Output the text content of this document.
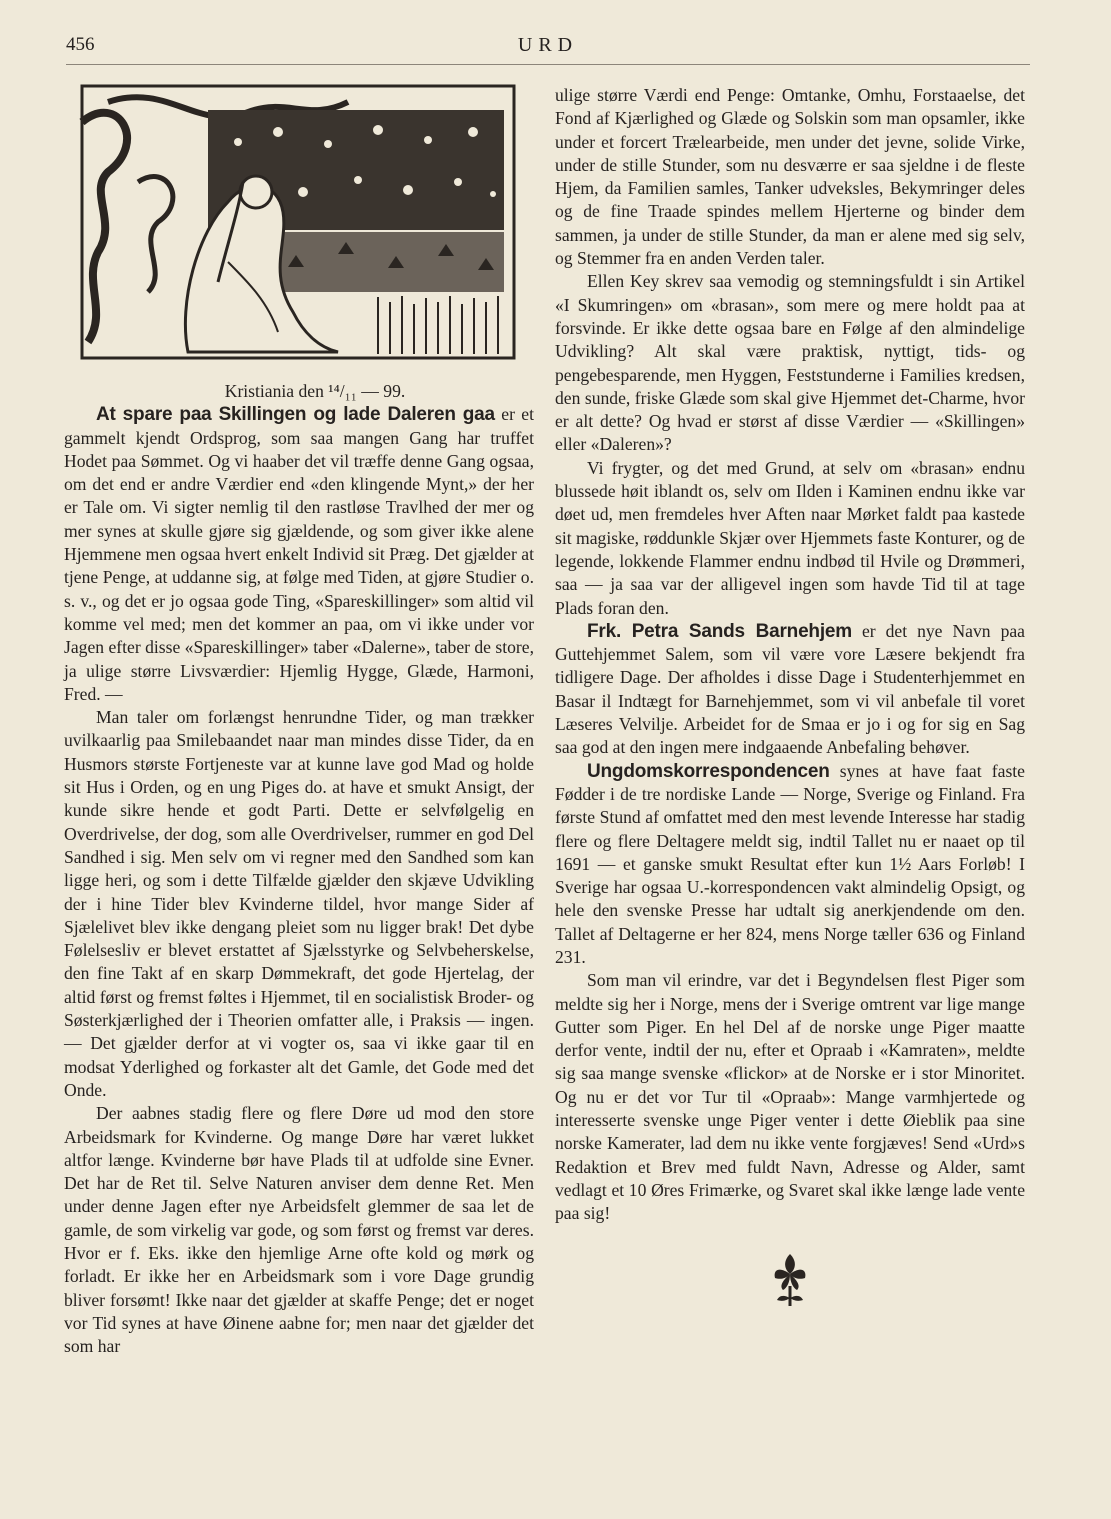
456	URD

Kristiania den ¹⁴/₁₁ — 99.

At spare paa Skillingen og lade Daleren gaa er et gammelt kjendt Ordsprog, som saa mangen Gang har truffet Hodet paa Sømmet. Og vi haaber det vil træffe denne Gang ogsaa, om det end er andre Værdier end «den klingende Mynt,» der her er Tale om. Vi sigter nemlig til den rastløse Travlhed der mer og mer synes at skulle gjøre sig gjældende, og som giver ikke alene Hjemmene men ogsaa hvert enkelt Individ sit Præg. Det gjælder at tjene Penge, at uddanne sig, at følge med Tiden, at gjøre Studier o. s. v., og det er jo ogsaa gode Ting, «Spareskillinger» som altid vil komme vel med; men det kommer an paa, om vi ikke under vor Jagen efter disse «Spareskillinger» taber «Dalerne», taber de store, ja ulige større Livsværdier: Hjemlig Hygge, Glæde, Harmoni, Fred. —

Man taler om forlængst henrundne Tider, og man trækker uvilkaarlig paa Smilebaandet naar man mindes disse Tider, da en Husmors største Fortjeneste var at kunne lave god Mad og holde sit Hus i Orden, og en ung Piges do. at have et smukt Ansigt, der kunde sikre hende et godt Parti. Dette er selvfølgelig en Overdrivelse, der dog, som alle Overdrivelser, rummer en god Del Sandhed i sig. Men selv om vi regner med den Sandhed som kan ligge heri, og som i dette Tilfælde gjælder den skjæve Udvikling der i hine Tider blev Kvinderne tildel, hvor mange Sider af Sjælelivet blev ikke dengang pleiet som nu ligger brak! Det dybe Følelsesliv er blevet erstattet af Sjælsstyrke og Selvbeherskelse, den fine Takt af en skarp Dømmekraft, det gode Hjertelag, der altid først og fremst føltes i Hjemmet, til en socialistisk Broder- og Søsterkjærlighed der i Theorien omfatter alle, i Praksis — ingen. — Det gjælder derfor at vi vogter os, saa vi ikke gaar til en modsat Yderlighed og forkaster alt det Gamle, det Gode med det Onde.

Der aabnes stadig flere og flere Døre ud mod den store Arbeidsmark for Kvinderne. Og mange Døre har været lukket altfor længe. Kvinderne bør have Plads til at udfolde sine Evner. Det har de Ret til. Selve Naturen anviser dem denne Ret. Men under denne Jagen efter nye Arbeidsfelt glemmer de saa let de gamle, de som virkelig var gode, og som først og fremst var deres. Hvor er f. Eks. ikke den hjemlige Arne ofte kold og mørk og forladt. Er ikke her en Arbeidsmark som i vore Dage grundig bliver forsømt! Ikke naar det gjælder at skaffe Penge; det er noget vor Tid synes at have Øinene aabne for; men naar det gjælder det som har

ulige større Værdi end Penge: Omtanke, Omhu, Forstaaelse, det Fond af Kjærlighed og Glæde og Solskin som man opsamler, ikke under et forcert Trælearbeide, men under det jevne, solide Virke, under de stille Stunder, som nu desværre er saa sjeldne i de fleste Hjem, da Familien samles, Tanker udveksles, Bekymringer deles og de fine Traade spindes mellem Hjerterne og binder dem sammen, ja under de stille Stunder, da man er alene med sig selv, og Stemmer fra en anden Verden taler.

Ellen Key skrev saa vemodig og stemningsfuldt i sin Artikel «I Skumringen» om «brasan», som mere og mere holdt paa at forsvinde. Er ikke dette ogsaa bare en Følge af den almindelige Udvikling? Alt skal være praktisk, nyttigt, tids- og pengebesparende, men Hyggen, Feststunderne i Families kredsen, den sunde, friske Glæde som skal give Hjemmet det-Charme, hvor er alt dette? Og hvad er størst af disse Værdier — «Skillingen» eller «Daleren»?

Vi frygter, og det med Grund, at selv om «brasan» endnu blussede høit iblandt os, selv om Ilden i Kaminen endnu ikke var døet ud, men fremdeles hver Aften naar Mørket faldt paa kastede sit magiske, røddunkle Skjær over Hjemmets faste Konturer, og de legende, lokkende Flammer endnu indbød til Hvile og Drømmeri, saa — ja saa var der alligevel ingen som havde Tid til at tage Plads foran den.

Frk. Petra Sands Barnehjem er det nye Navn paa Guttehjemmet Salem, som vil være vore Læsere bekjendt fra tidligere Dage. Der afholdes i disse Dage i Studenterhjemmet en Basar il Indtægt for Barnehjemmet, som vi vil anbefale til voret Læseres Velvilje. Arbeidet for de Smaa er jo i og for sig en Sag saa god at den ingen mere indgaaende Anbefaling behøver.

Ungdomskorrespondencen synes at have faat faste Fødder i de tre nordiske Lande — Norge, Sverige og Finland. Fra første Stund af omfattet med den mest levende Interesse har stadig flere og flere Deltagere meldt sig, indtil Tallet nu er naaet op til 1691 — et ganske smukt Resultat efter kun 1½ Aars Forløb! I Sverige har ogsaa U.-korrespondencen vakt almindelig Opsigt, og hele den svenske Presse har udtalt sig anerkjendende om den. Tallet af Deltagerne er her 824, mens Norge tæller 636 og Finland 231.

Som man vil erindre, var det i Begyndelsen flest Piger som meldte sig her i Norge, mens der i Sverige omtrent var lige mange Gutter som Piger. En hel Del af de norske unge Piger maatte derfor vente, indtil der nu, efter et Opraab i «Kamraten», meldte sig saa mange svenske «flickor» at de Norske er i stor Minoritet. Og nu er det vor Tur til «Opraab»: Mange varmhjertede og interesserte svenske unge Piger venter i dette Øieblik paa sine norske Kamerater, lad dem nu ikke vente forgjæves! Send «Urd»s Redaktion et Brev med fuldt Navn, Adresse og Alder, samt vedlagt et 10 Øres Frimærke, og Svaret skal ikke længe lade vente paa sig!
